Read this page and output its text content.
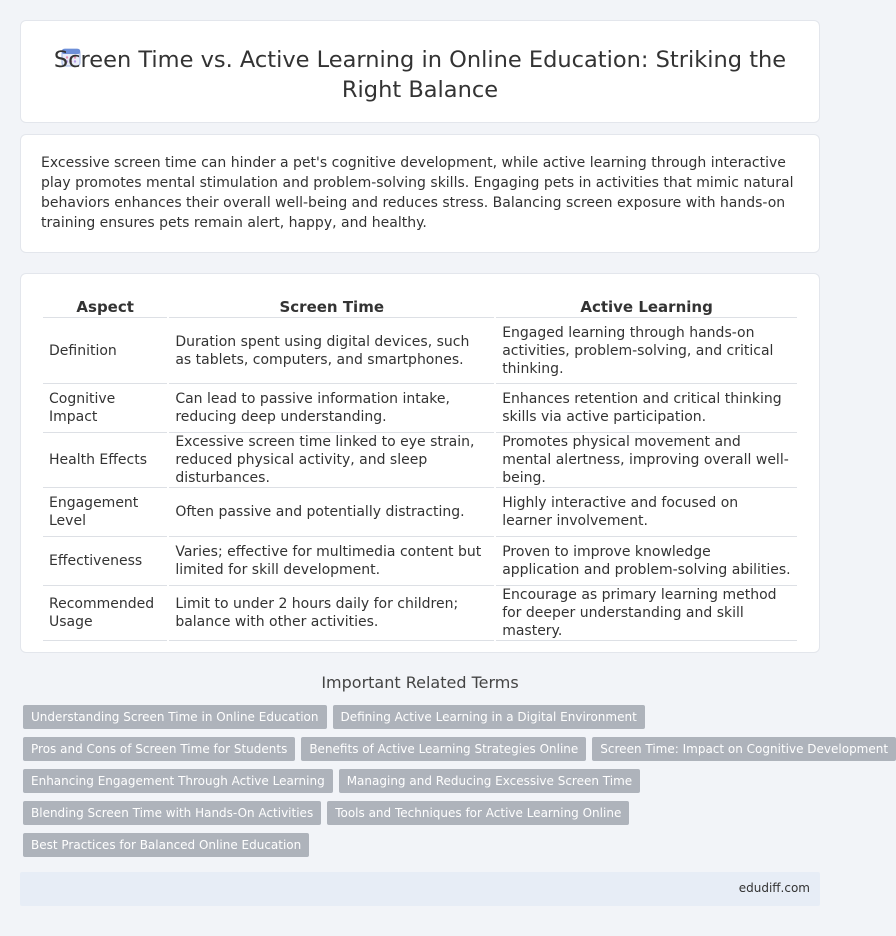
Screen Time vs. Active Learning in Online Education: Striking the Right Balance

Excessive screen time can hinder a pet's cognitive development, while active learning through interactive play promotes mental stimulation and problem-solving skills. Engaging pets in activities that mimic natural behaviors enhances their overall well-being and reduces stress. Balancing screen exposure with hands-on training ensures pets remain alert, happy, and healthy.

Aspect	Screen Time	Active Learning
Definition	Duration spent using digital devices, such as tablets, computers, and smartphones.	Engaged learning through hands-on activities, problem-solving, and critical thinking.
Cognitive Impact	Can lead to passive information intake, reducing deep understanding.	Enhances retention and critical thinking skills via active participation.
Health Effects	Excessive screen time linked to eye strain, reduced physical activity, and sleep disturbances.	Promotes physical movement and mental alertness, improving overall well-being.
Engagement Level	Often passive and potentially distracting.	Highly interactive and focused on learner involvement.
Effectiveness	Varies; effective for multimedia content but limited for skill development.	Proven to improve knowledge application and problem-solving abilities.
Recommended Usage	Limit to under 2 hours daily for children; balance with other activities.	Encourage as primary learning method for deeper understanding and skill mastery.
Important Related Terms
Understanding Screen Time in Online Education	Defining Active Learning in a Digital Environment
Pros and Cons of Screen Time for Students	Benefits of Active Learning Strategies Online	Screen Time: Impact on Cognitive Development
Enhancing Engagement Through Active Learning	Managing and Reducing Excessive Screen Time
Blending Screen Time with Hands-On Activities	Tools and Techniques for Active Learning Online
Best Practices for Balanced Online Education
edudiff.com
